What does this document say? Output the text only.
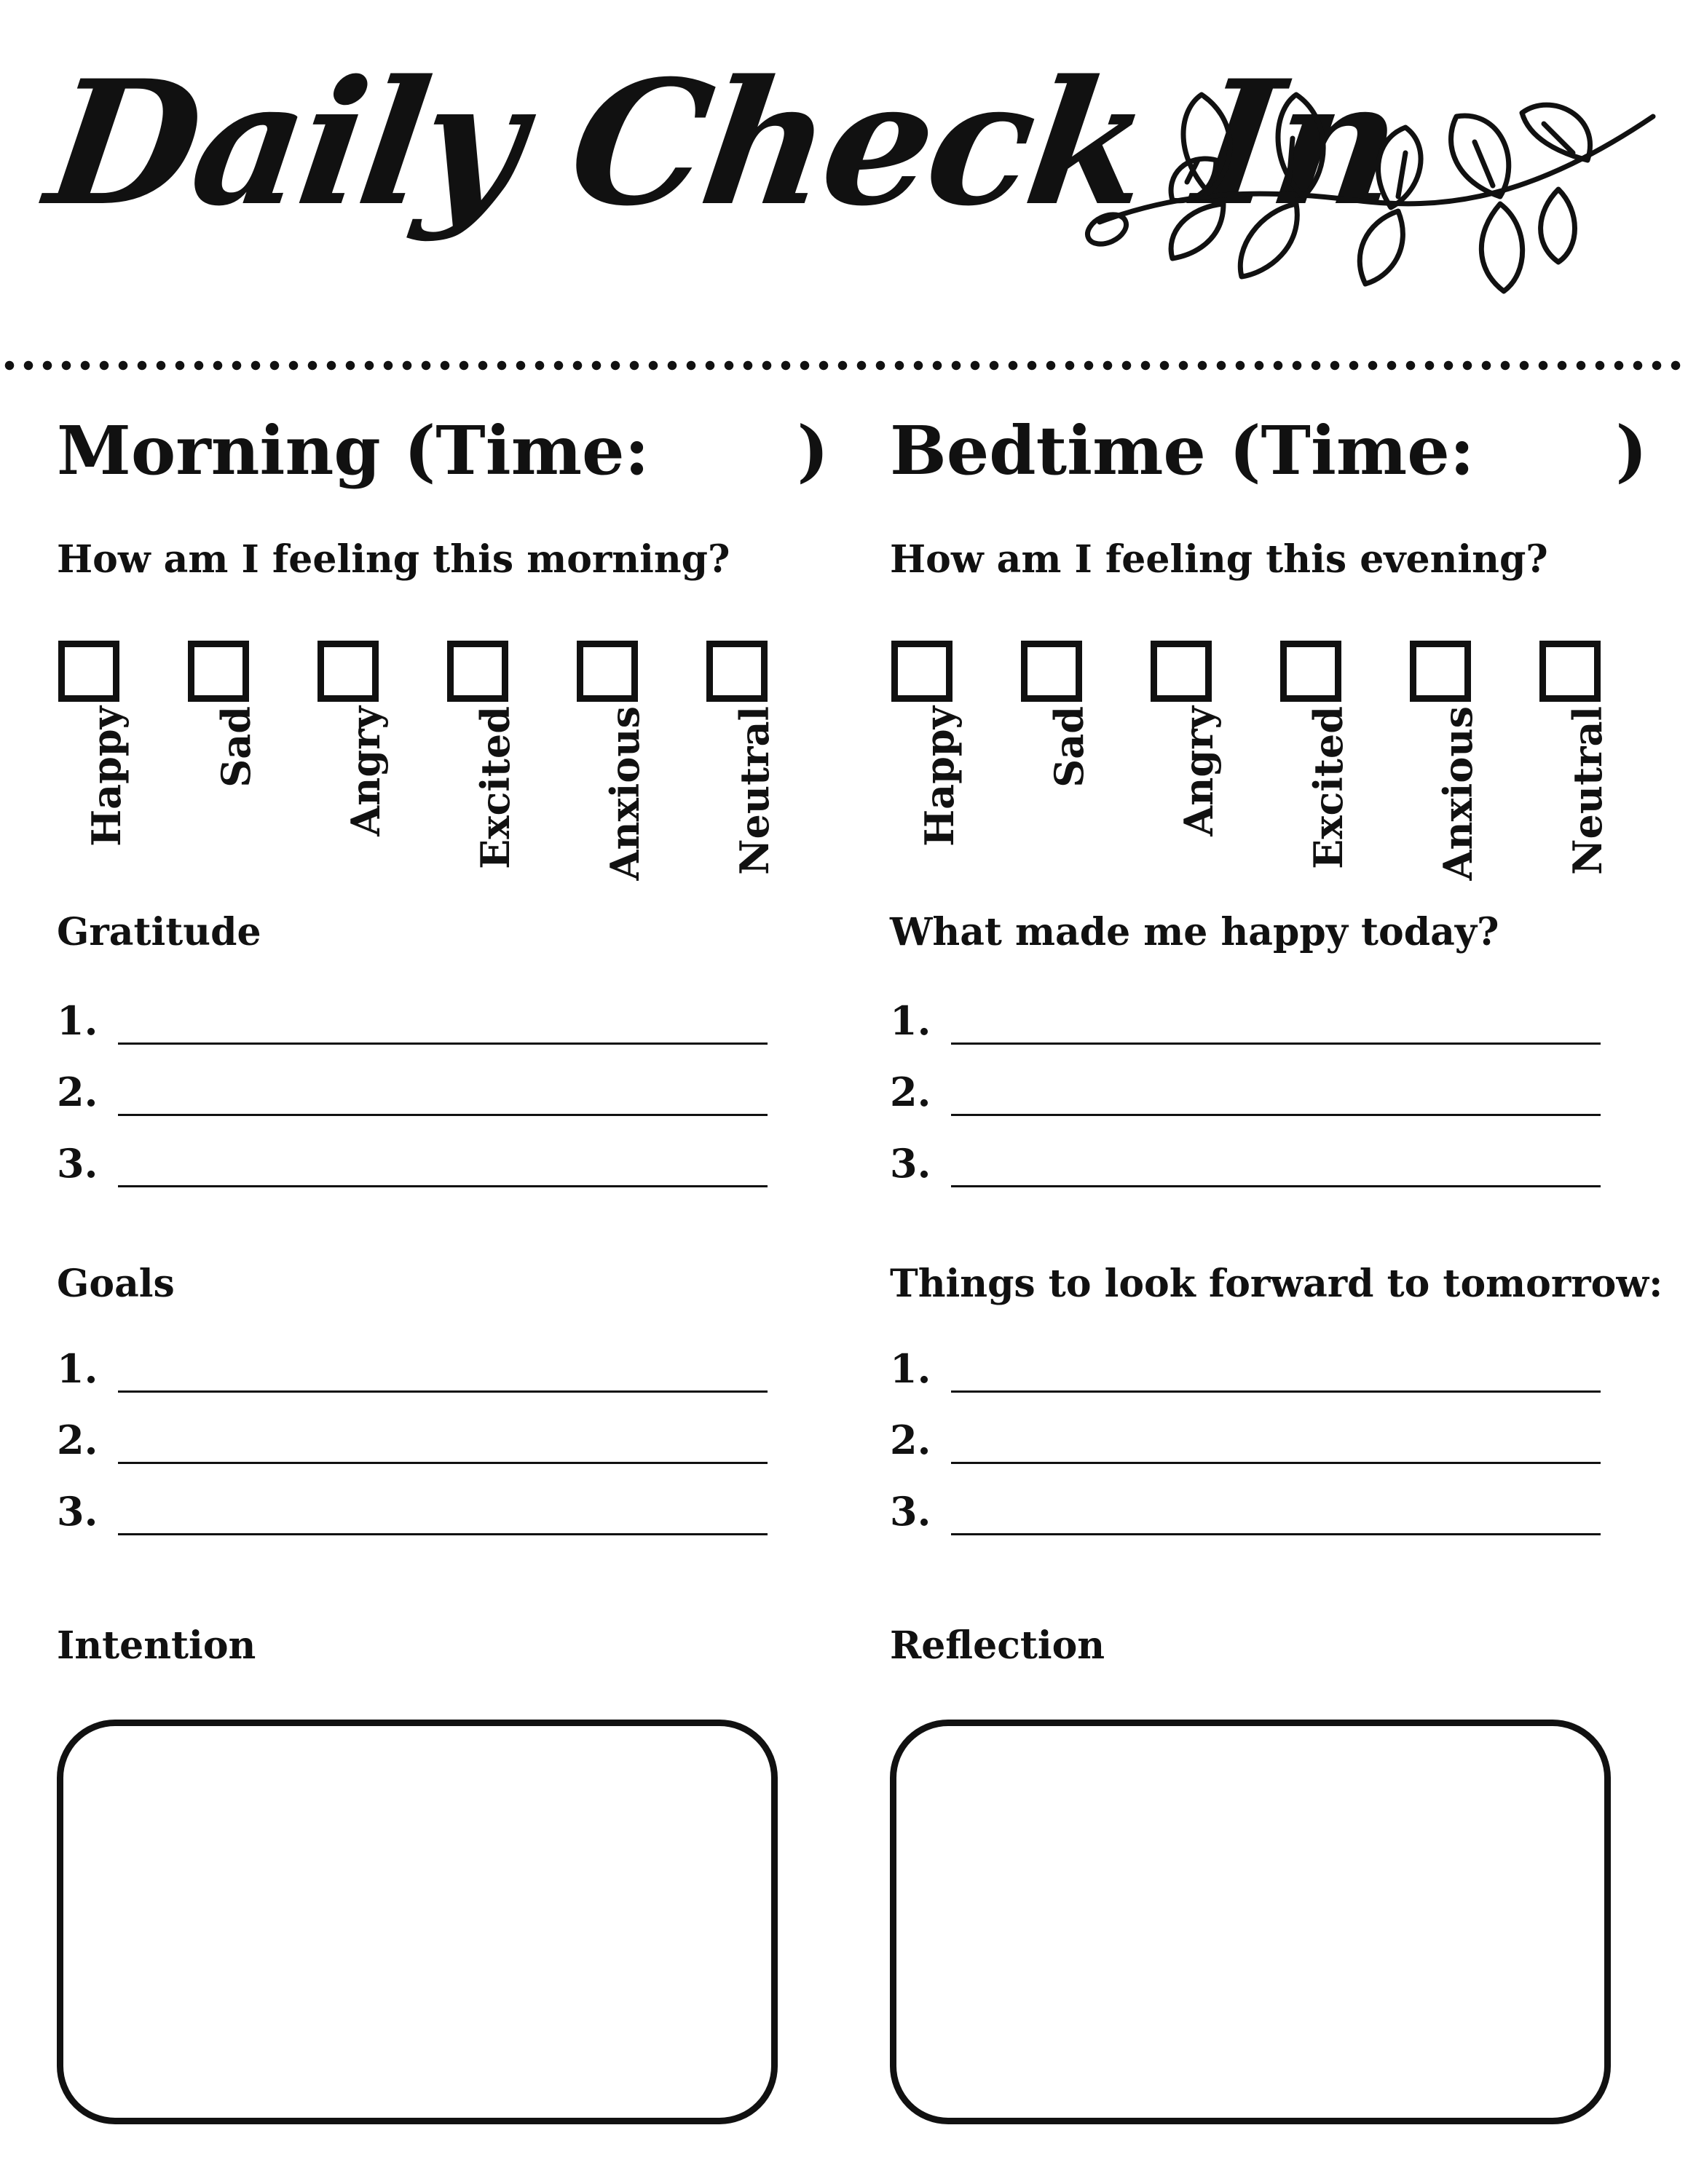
Daily Check In
Morning (Time: )
How am I feeling this morning?
Happy Sad Angry Excited Anxious Neutral
Gratitude
1.
2.
3.
Goals
1.
2.
3.
Intention
Bedtime (Time: )
How am I feeling this evening?
Happy Sad Angry Excited Anxious Neutral
What made me happy today?
1.
2.
3.
Things to look forward to tomorrow:
1.
2.
3.
Reflection
